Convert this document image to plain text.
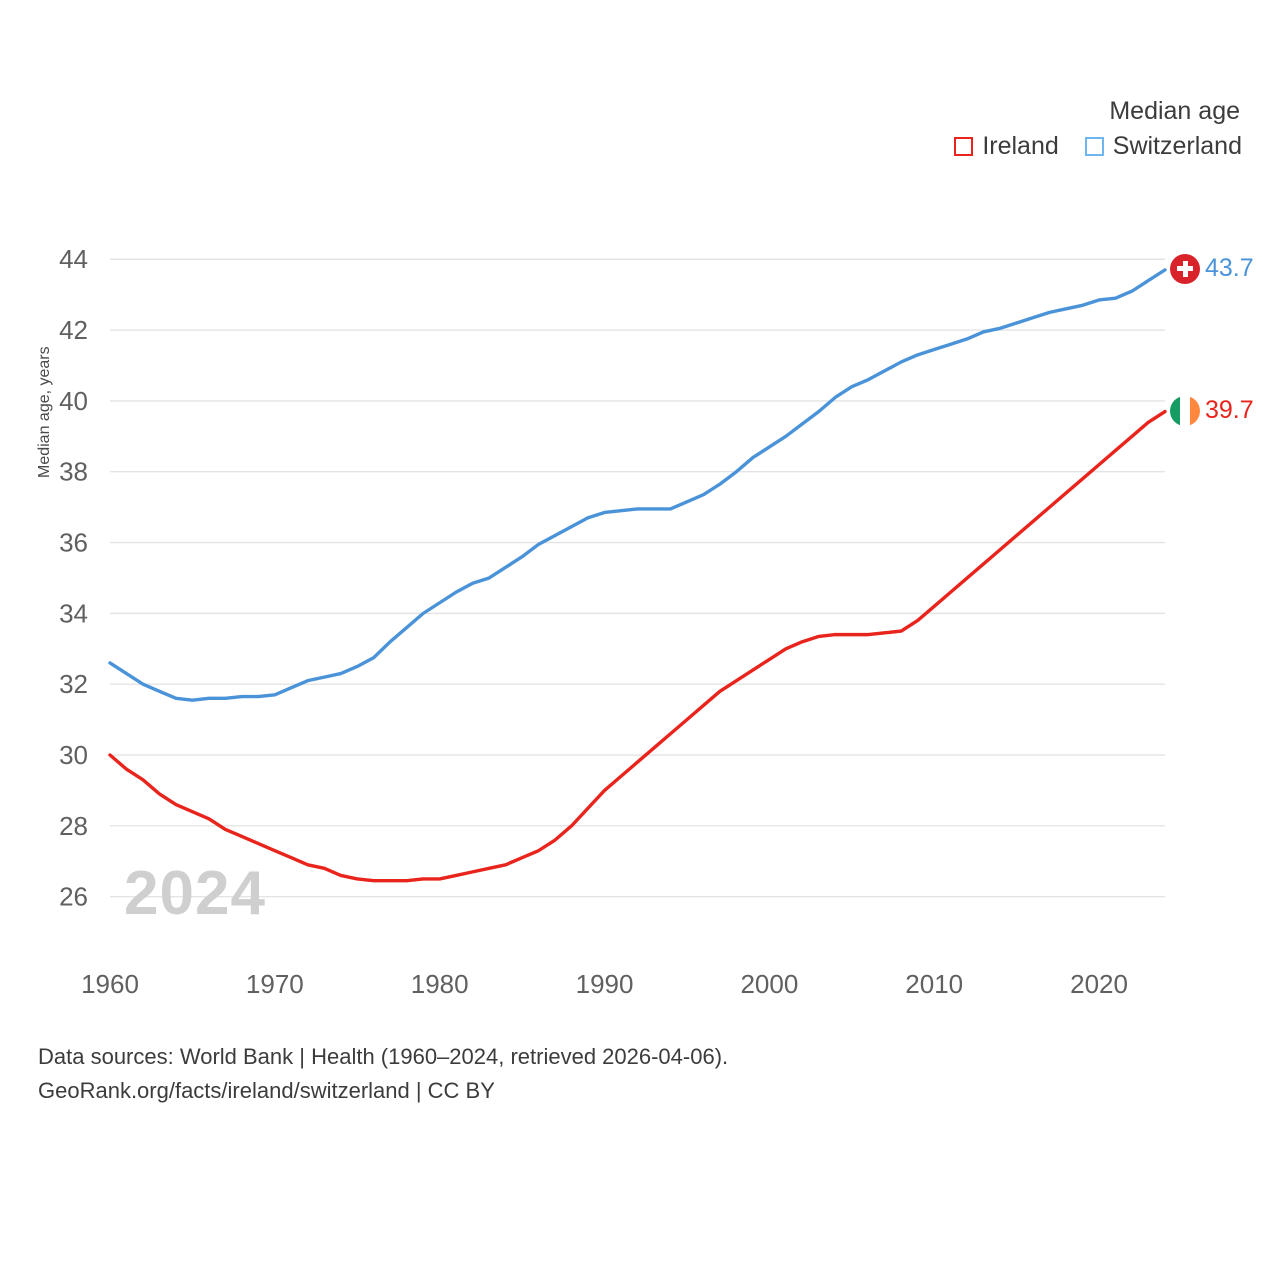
Median age
Ireland Switzerland
26
28
30
32
34
36
38
40
42
44
1960	1970	1980	1990	2000	2010	2020
Median age, years
2024
43.7
39.7
Data sources: World Bank | Health (1960–2024, retrieved 2026-04-06).
GeoRank.org/facts/ireland/switzerland | CC BY
